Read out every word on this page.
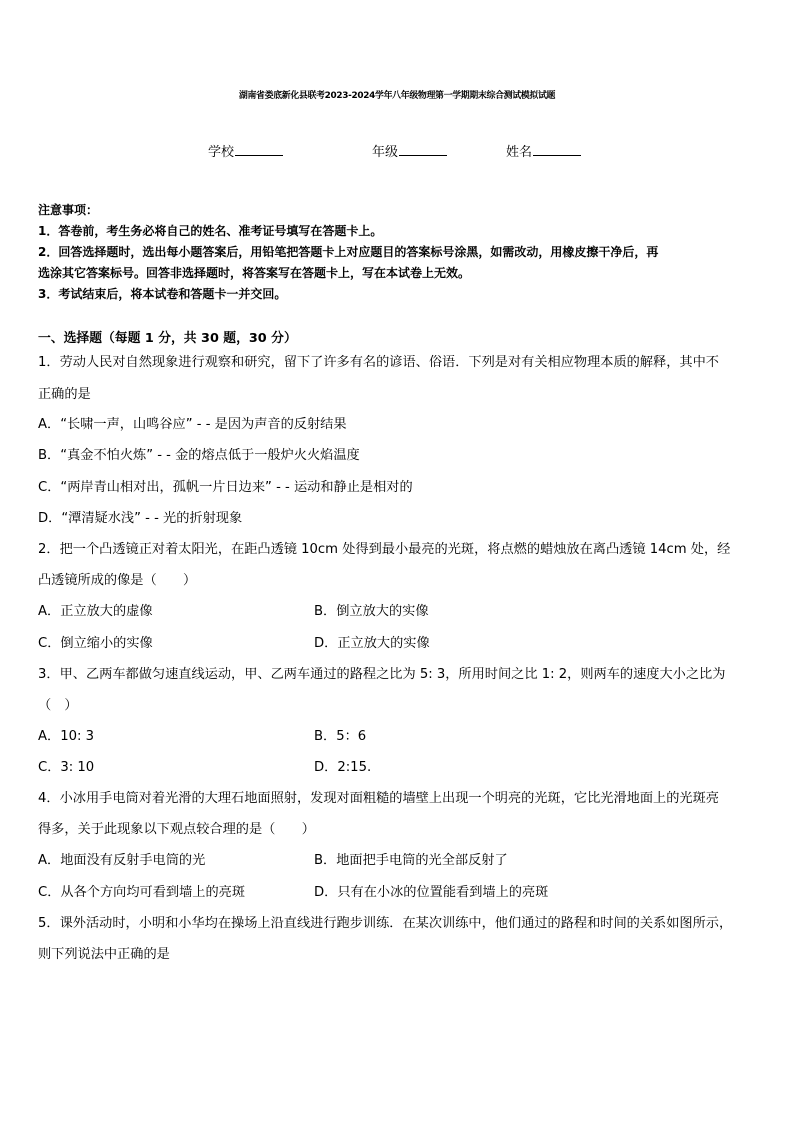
湖南省娄底新化县联考2023-2024学年八年级物理第一学期期末综合测试模拟试题
学校	年级	姓名
注意事项：
1．答卷前，考生务必将自己的姓名、准考证号填写在答题卡上。
2．回答选择题时，选出每小题答案后，用铅笔把答题卡上对应题目的答案标号涂黑，如需改动，用橡皮擦干净后，再
选涂其它答案标号。回答非选择题时，将答案写在答题卡上，写在本试卷上无效。
3．考试结束后，将本试卷和答题卡一并交回。
一、选择题（每题 1 分，共 30 题，30 分）
1．劳动人民对自然现象进行观察和研究，留下了许多有名的谚语、俗语．下列是对有关相应物理本质的解释，其中不
正确的是
A．“长啸一声，山鸣谷应” - - 是因为声音的反射结果
B．“真金不怕火炼” - - 金的熔点低于一般炉火火焰温度
C．“两岸青山相对出，孤帆一片日边来” - - 运动和静止是相对的
D．“潭清疑水浅” - - 光的折射现象
2．把一个凸透镜正对着太阳光，在距凸透镜 10cm 处得到最小最亮的光斑，将点燃的蜡烛放在离凸透镜 14cm 处，经
凸透镜所成的像是（　　）
A．正立放大的虚像	B．倒立放大的实像
C．倒立缩小的实像	D．正立放大的实像
3．甲、乙两车都做匀速直线运动，甲、乙两车通过的路程之比为 5: 3，所用时间之比 1: 2，则两车的速度大小之比为
（　）
A．10: 3	B．5：6
C．3: 10	D．2:15.
4．小冰用手电筒对着光滑的大理石地面照射，发现对面粗糙的墙壁上出现一个明亮的光斑，它比光滑地面上的光斑亮
得多，关于此现象以下观点较合理的是（　　）
A．地面没有反射手电筒的光	B．地面把手电筒的光全部反射了
C．从各个方向均可看到墙上的亮斑	D．只有在小冰的位置能看到墙上的亮斑
5．课外活动时，小明和小华均在操场上沿直线进行跑步训练．在某次训练中，他们通过的路程和时间的关系如图所示，
则下列说法中正确的是
